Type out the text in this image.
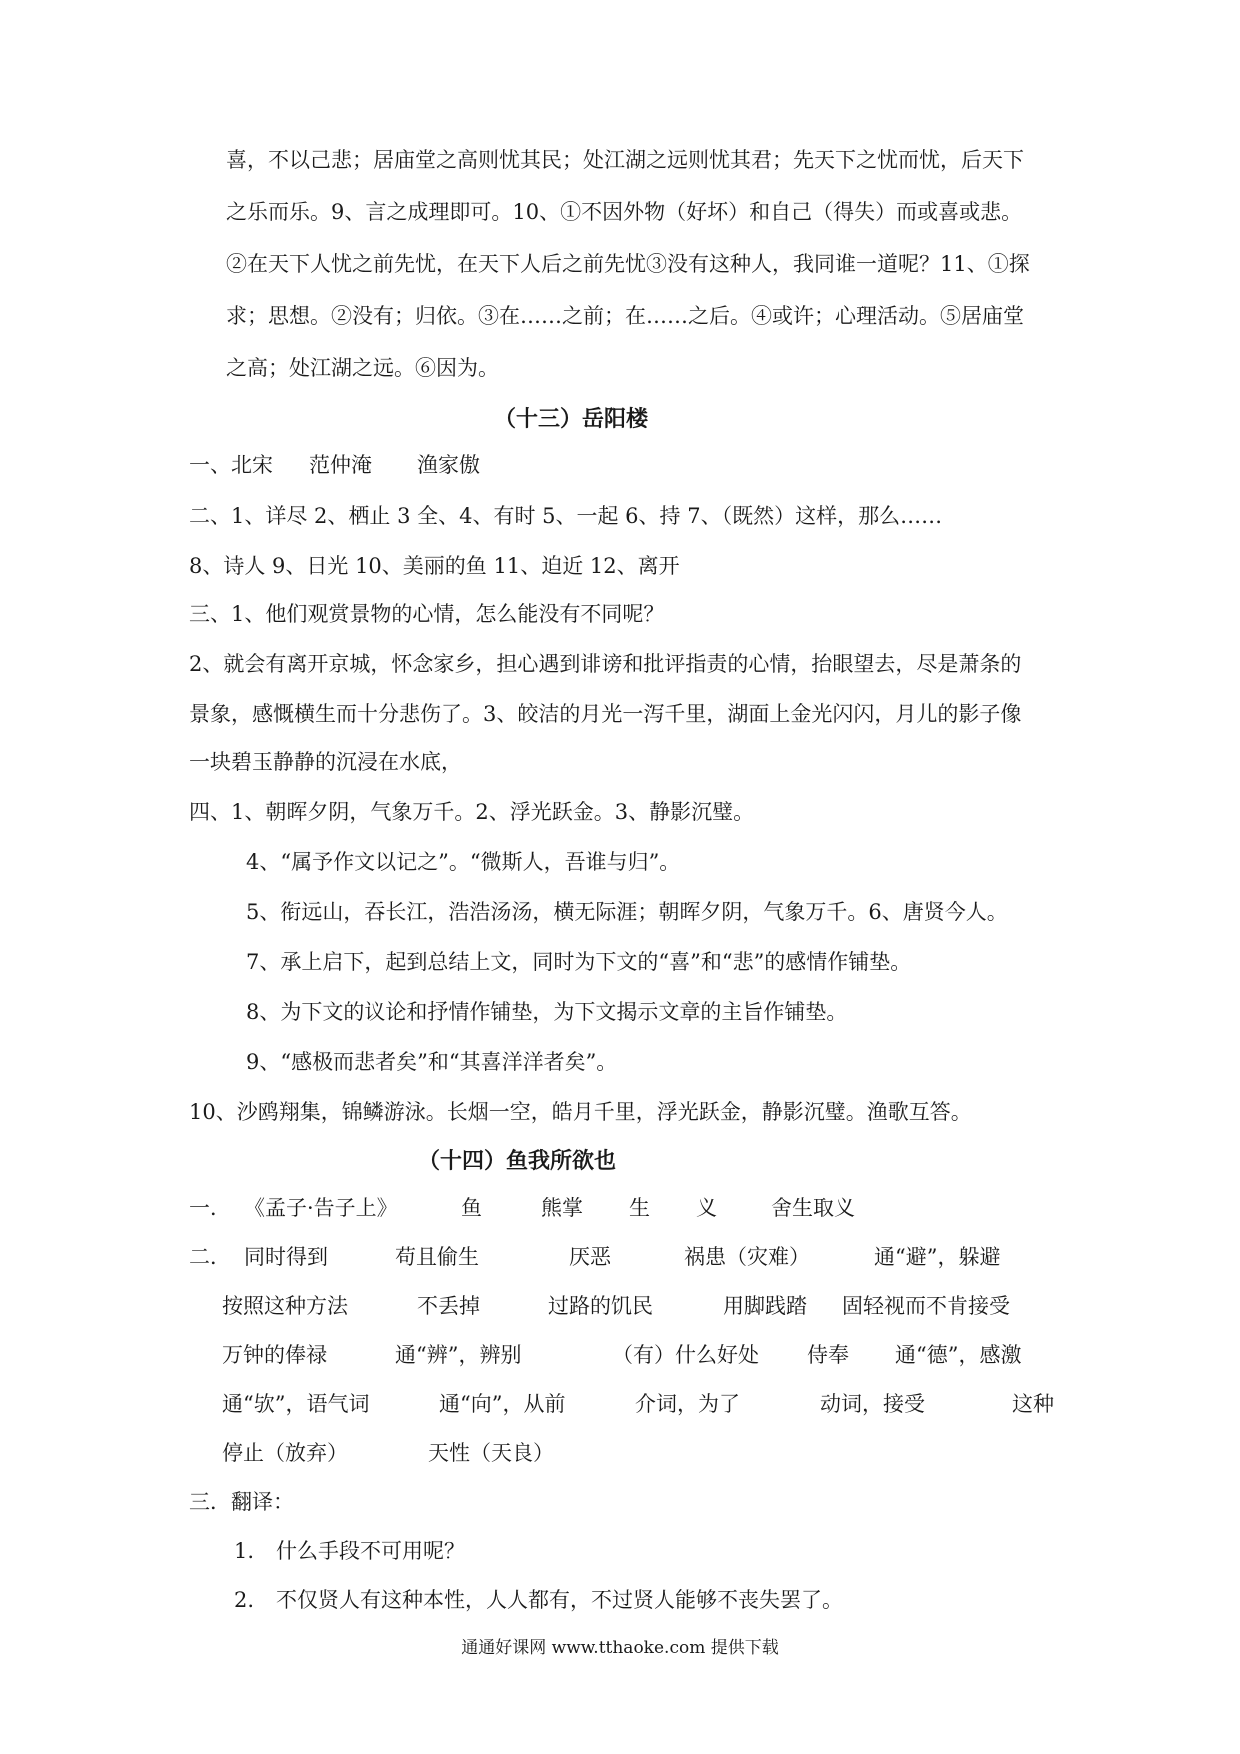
喜，不以己悲；居庙堂之高则忧其民；处江湖之远则忧其君；先天下之忧而忧，后天下
之乐而乐。9、言之成理即可。10、①不因外物（好坏）和自己（得失）而或喜或悲。
②在天下人忧之前先忧，在天下人后之前先忧③没有这种人，我同谁一道呢？11、①探
求；思想。②没有；归依。③在……之前；在……之后。④或许；心理活动。⑤居庙堂
之高；处江湖之远。⑥因为。
（十三）岳阳楼
一、北宋 范仲淹 渔家傲
二、1、详尽 2、栖止 3 全、4、有时 5、一起 6、持 7、（既然）这样，那么……
8、诗人 9、日光 10、美丽的鱼 11、迫近 12、离开
三、1、他们观赏景物的心情，怎么能没有不同呢？
2、就会有离开京城，怀念家乡，担心遇到诽谤和批评指责的心情，抬眼望去，尽是萧条的
景象，感慨横生而十分悲伤了。3、皎洁的月光一泻千里，湖面上金光闪闪，月儿的影子像
一块碧玉静静的沉浸在水底，
四、1、朝晖夕阴，气象万千。2、浮光跃金。3、静影沉璧。
4、“属予作文以记之”。“微斯人，吾谁与归”。
5、衔远山，吞长江，浩浩汤汤，横无际涯；朝晖夕阴，气象万千。6、唐贤今人。
7、承上启下，起到总结上文，同时为下文的“喜”和“悲”的感情作铺垫。
8、为下文的议论和抒情作铺垫，为下文揭示文章的主旨作铺垫。
9、“感极而悲者矣”和“其喜洋洋者矣”。
10、沙鸥翔集，锦鳞游泳。长烟一空，皓月千里，浮光跃金，静影沉璧。渔歌互答。
（十四）鱼我所欲也
一． 《孟子·告子上》	鱼	熊掌 生 义	舍生取义
二． 同时得到	苟且偷生	厌恶	祸患（灾难）	通“避”，躲避
按照这种方法	不丢掉	过路的饥民	用脚践踏 固轻视而不肯接受
万钟的俸禄	通“辨”，辨别	（有）什么好处 侍奉 通“德”，感激
通“欤”，语气词	通“向”，从前	介词，为了	动词，接受	这种
停止（放弃）	天性（天良）
三．翻译：
1. 什么手段不可用呢？
2. 不仅贤人有这种本性，人人都有，不过贤人能够不丧失罢了。
通通好课网 www.tthaoke.com 提供下载
